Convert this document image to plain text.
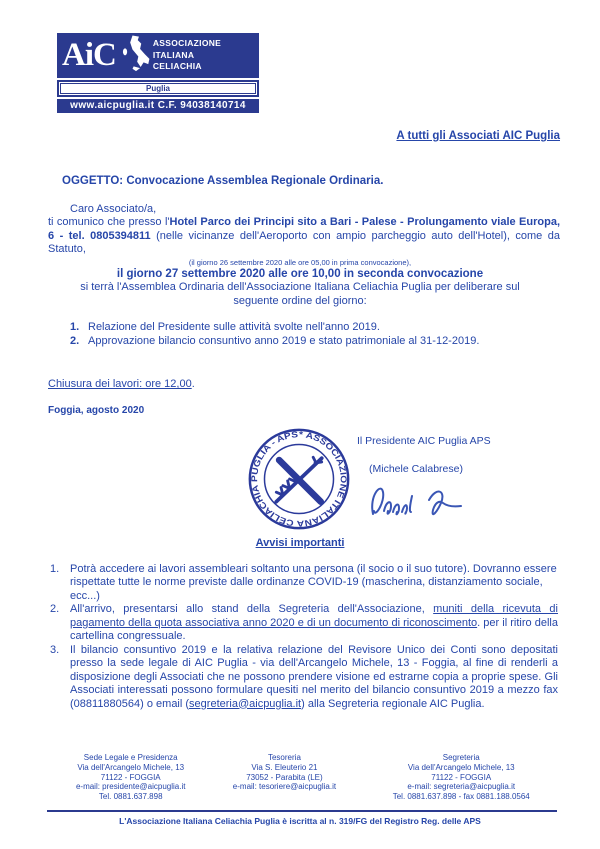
AiC	ASSOCIAZIONE
ITALIANA
CELIACHIA
Puglia
www.aicpuglia.it C.F. 94038140714
A tutti gli Associati AIC Puglia
OGGETTO: Convocazione Assemblea Regionale Ordinaria.
Caro Associato/a,

ti comunico che presso l'Hotel Parco dei Principi sito a Bari - Palese - Prolungamento viale Europa, 6 - tel. 0805394811 (nelle vicinanze dell'Aeroporto con ampio parcheggio auto dell'Hotel), come da Statuto,

(il giorno 26 settembre 2020 alle ore 05,00 in prima convocazione),
il giorno 27 settembre 2020 alle ore 10,00 in seconda convocazione
si terrà l'Assemblea Ordinaria dell'Associazione Italiana Celiachia Puglia per deliberare sul
seguente ordine del giorno:
1. Relazione del Presidente sulle attività svolte nell'anno 2019.
2. Approvazione bilancio consuntivo anno 2019 e stato patrimoniale al 31-12-2019.
Chiusura dei lavori: ore 12,00.
Foggia, agosto 2020
* ASSOCIAZIONE ITALIANA CELIACHIA PUGLIA - APS
Il Presidente AIC Puglia APS
(Michele Calabrese)
Avvisi importanti
1. Potrà accedere ai lavori assembleari soltanto una persona (il socio o il suo tutore). Dovranno essere rispettate tutte le norme previste dalle ordinanze COVID-19 (mascherina, distanziamento sociale, ecc...)
2. All'arrivo, presentarsi allo stand della Segreteria dell'Associazione, muniti della ricevuta di pagamento della quota associativa anno 2020 e di un documento di riconoscimento. per il ritiro della cartellina congressuale.
3. Il bilancio consuntivo 2019 e la relativa relazione del Revisore Unico dei Conti sono depositati presso la sede legale di AIC Puglia - via dell'Arcangelo Michele, 13 - Foggia, al fine di renderli a disposizione degli Associati che ne possono prendere visione ed estrarne copia a proprie spese. Gli Associati interessati possono formulare quesiti nel merito del bilancio consuntivo 2019 a mezzo fax (08811880564) o email (segreteria@aicpuglia.it) alla Segreteria regionale AIC Puglia.
Sede Legale e Presidenza
Via dell'Arcangelo Michele, 13
71122 - FOGGIA
e-mail: presidente@aicpuglia.it
Tel. 0881.637.898
Tesoreria
Via S. Eleuterio 21
73052 - Parabita (LE)
e-mail: tesoriere@aicpuglia.it
Segreteria
Via dell'Arcangelo Michele, 13
71122 - FOGGIA
e-mail: segreteria@aicpuglia.it
Tel. 0881.637.898 - fax 0881.188.0564
L'Associazione Italiana Celiachia Puglia è iscritta al n. 319/FG del Registro Reg. delle APS
